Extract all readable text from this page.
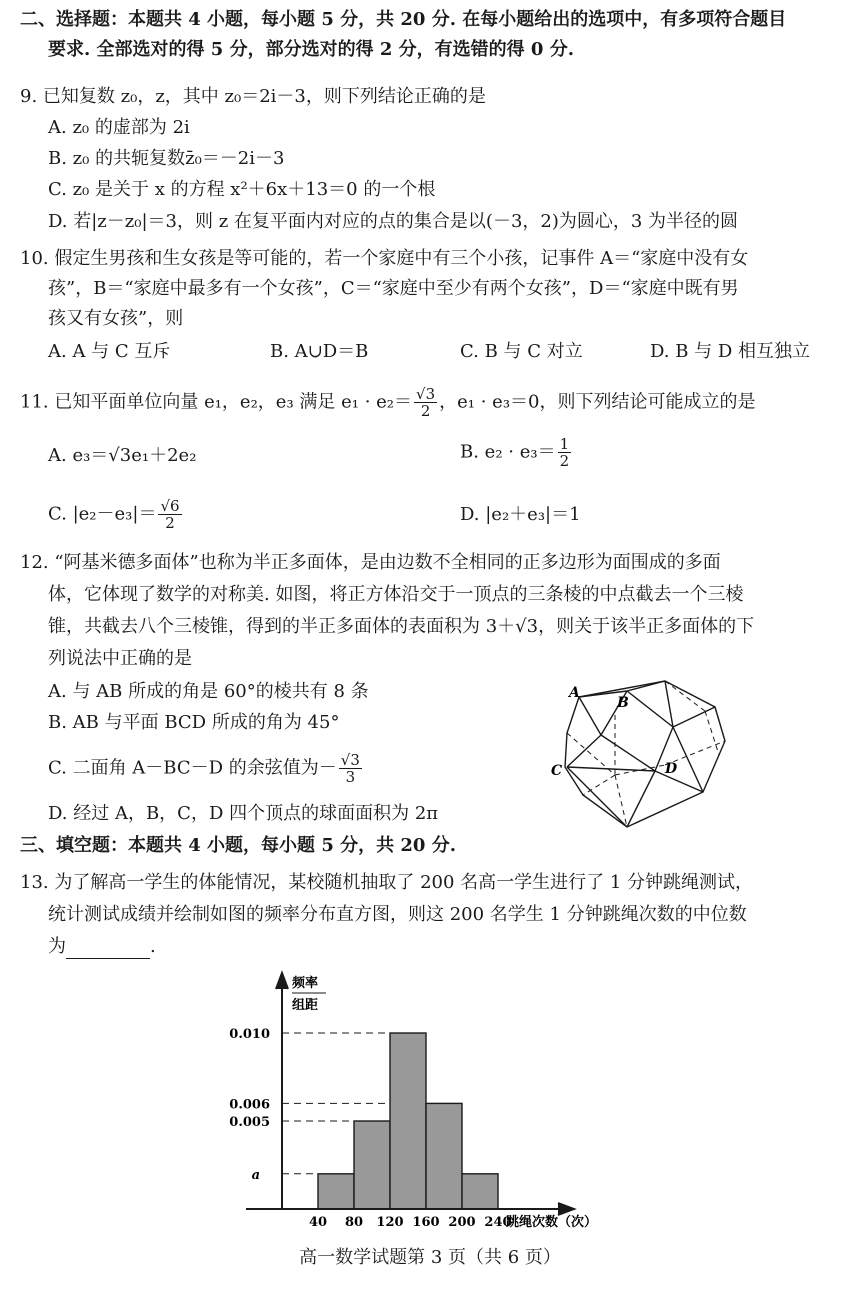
二、选择题：本题共 4 小题，每小题 5 分，共 20 分. 在每小题给出的选项中，有多项符合题目
要求. 全部选对的得 5 分，部分选对的得 2 分，有选错的得 0 分.
9. 已知复数 z₀，z，其中 z₀＝2i－3，则下列结论正确的是
A. z₀ 的虚部为 2i
B. z₀ 的共轭复数z̄₀＝－2i－3
C. z₀ 是关于 x 的方程 x²＋6x＋13＝0 的一个根
D. 若|z－z₀|＝3，则 z 在复平面内对应的点的集合是以(－3，2)为圆心，3 为半径的圆
10. 假定生男孩和生女孩是等可能的，若一个家庭中有三个小孩，记事件 A＝“家庭中没有女
孩”，B＝“家庭中最多有一个女孩”，C＝“家庭中至少有两个女孩”，D＝“家庭中既有男
孩又有女孩”，则
A. A 与 C 互斥	B. A∪D＝B	C. B 与 C 对立	D. B 与 D 相互独立
11. 已知平面单位向量 e₁，e₂，e₃ 满足 $e_1 \cdot e_2= \frac{√3}{2}$ ，e₁ · e₃＝0，则下列结论可能成立的是
A. e₃＝√3e₁＋2e₂	B. $e_2 \cdot e_3= \frac{1}{2}$
C. $|e_2-e_3|= \frac{√6}{2}$	D. |e₂＋e₃|＝1
12. “阿基米德多面体”也称为半正多面体，是由边数不全相同的正多边形为面围成的多面
体，它体现了数学的对称美. 如图，将正方体沿交于一顶点的三条棱的中点截去一个三棱
锥，共截去八个三棱锥，得到的半正多面体的表面积为 3＋√3，则关于该半正多面体的下
列说法中正确的是
A. 与 AB 所成的角是 60°的棱共有 8 条
B. AB 与平面 BCD 所成的角为 45°
C. 二面角 A－BC－D 的余弦值为－ $\frac{√3}{3}$
D. 经过 A，B，C，D 四个顶点的球面面积为 2π
A
B
C	D
三、填空题：本题共 4 小题，每小题 5 分，共 20 分.
13. 为了解高一学生的体能情况，某校随机抽取了 200 名高一学生进行了 1 分钟跳绳测试，
统计测试成绩并绘制如图的频率分布直方图，则这 200 名学生 1 分钟跳绳次数的中位数
为	.
频率
组距
跳绳次数（次）
a
0.005
0.006
0.010
40 80 120 160 200 240
高一数学试题第 3 页（共 6 页）
